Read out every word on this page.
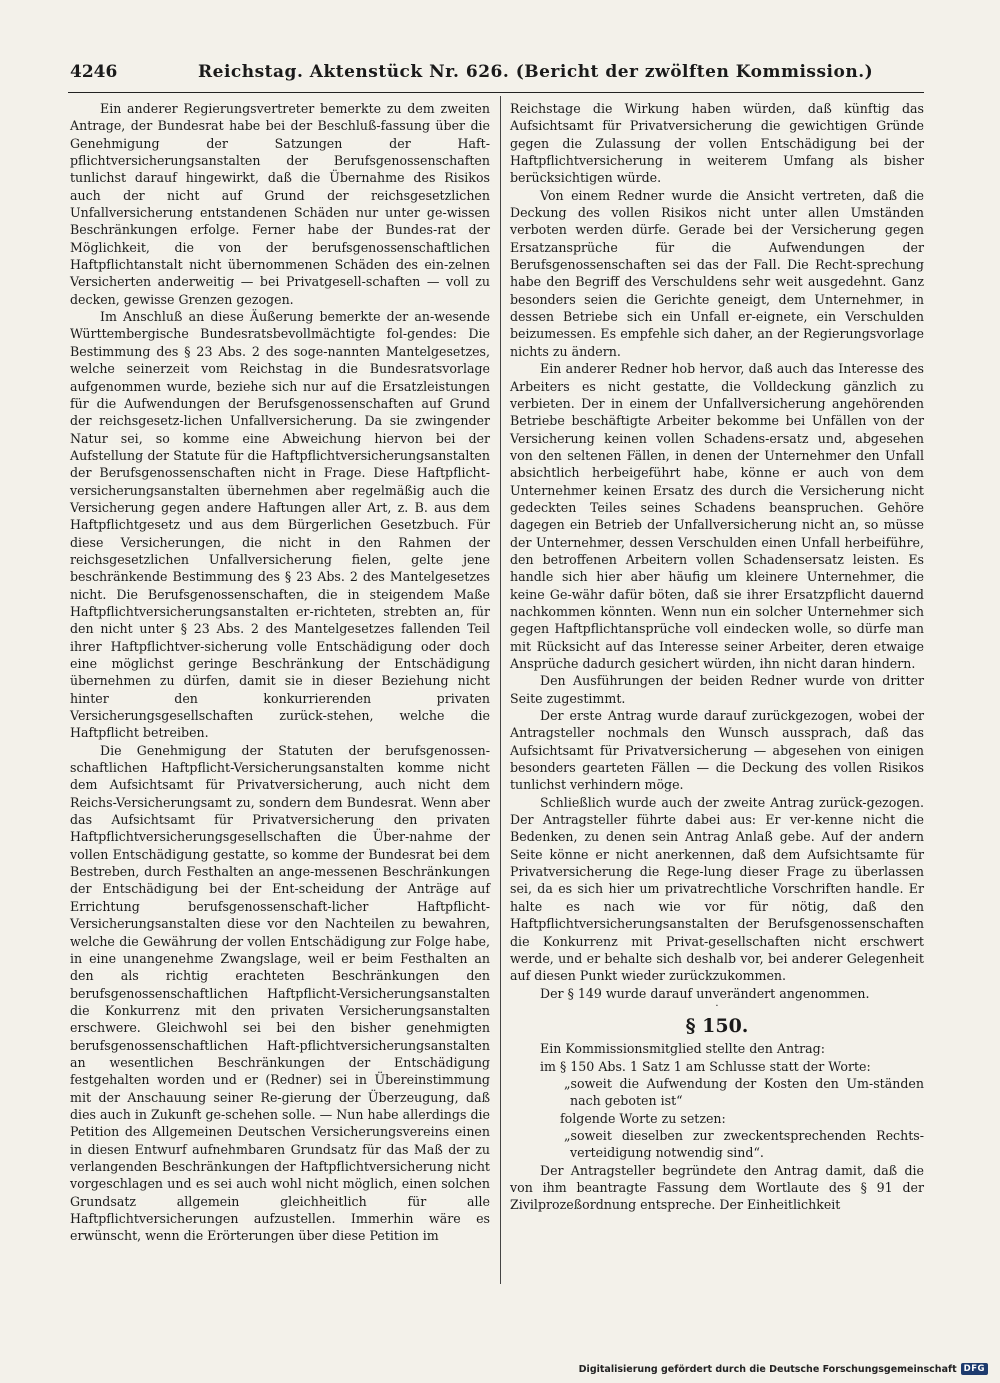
4246	Reichstag. Aktenstück Nr. 626. (Bericht der zwölften Kommission.)

Ein anderer Regierungsvertreter bemerkte zu dem zweiten Antrage, der Bundesrat habe bei der Beschluß-fassung über die Genehmigung der Satzungen der Haft-pflichtversicherungsanstalten der Berufsgenossenschaften tunlichst darauf hingewirkt, daß die Übernahme des Risikos auch der nicht auf Grund der reichsgesetzlichen Unfallversicherung entstandenen Schäden nur unter ge-wissen Beschränkungen erfolge. Ferner habe der Bundes-rat der Möglichkeit, die von der berufsgenossenschaftlichen Haftpflichtanstalt nicht übernommenen Schäden des ein-zelnen Versicherten anderweitig — bei Privatgesell-schaften — voll zu decken, gewisse Grenzen gezogen.

Im Anschluß an diese Äußerung bemerkte der an-wesende Württembergische Bundesratsbevollmächtigte fol-gendes: Die Bestimmung des § 23 Abs. 2 des soge-nannten Mantelgesetzes, welche seinerzeit vom Reichstag in die Bundesratsvorlage aufgenommen wurde, beziehe sich nur auf die Ersatzleistungen für die Aufwendungen der Berufsgenossenschaften auf Grund der reichsgesetz-lichen Unfallversicherung. Da sie zwingender Natur sei, so komme eine Abweichung hiervon bei der Aufstellung der Statute für die Haftpflichtversicherungsanstalten der Berufsgenossenschaften nicht in Frage. Diese Haftpflicht-versicherungsanstalten übernehmen aber regelmäßig auch die Versicherung gegen andere Haftungen aller Art, z. B. aus dem Haftpflichtgesetz und aus dem Bürgerlichen Gesetzbuch. Für diese Versicherungen, die nicht in den Rahmen der reichsgesetzlichen Unfallversicherung fielen, gelte jene beschränkende Bestimmung des § 23 Abs. 2 des Mantelgesetzes nicht. Die Berufsgenossenschaften, die in steigendem Maße Haftpflichtversicherungsanstalten er-richteten, strebten an, für den nicht unter § 23 Abs. 2 des Mantelgesetzes fallenden Teil ihrer Haftpflichtver-sicherung volle Entschädigung oder doch eine möglichst geringe Beschränkung der Entschädigung übernehmen zu dürfen, damit sie in dieser Beziehung nicht hinter den konkurrierenden privaten Versicherungsgesellschaften zurück-stehen, welche die Haftpflicht betreiben.

Die Genehmigung der Statuten der berufsgenossen-schaftlichen Haftpflicht-Versicherungsanstalten komme nicht dem Aufsichtsamt für Privatversicherung, auch nicht dem Reichs-Versicherungsamt zu, sondern dem Bundesrat. Wenn aber das Aufsichtsamt für Privatversicherung den privaten Haftpflichtversicherungsgesellschaften die Über-nahme der vollen Entschädigung gestatte, so komme der Bundesrat bei dem Bestreben, durch Festhalten an ange-messenen Beschränkungen der Entschädigung bei der Ent-scheidung der Anträge auf Errichtung berufsgenossenschaft-licher Haftpflicht-Versicherungsanstalten diese vor den Nachteilen zu bewahren, welche die Gewährung der vollen Entschädigung zur Folge habe, in eine unangenehme Zwangslage, weil er beim Festhalten an den als richtig erachteten Beschränkungen den berufsgenossenschaftlichen Haftpflicht-Versicherungsanstalten die Konkurrenz mit den privaten Versicherungsanstalten erschwere. Gleichwohl sei bei den bisher genehmigten berufsgenossenschaftlichen Haft-pflichtversicherungsanstalten an wesentlichen Beschränkungen der Entschädigung festgehalten worden und er (Redner) sei in Übereinstimmung mit der Anschauung seiner Re-gierung der Überzeugung, daß dies auch in Zukunft ge-schehen solle. — Nun habe allerdings die Petition des Allgemeinen Deutschen Versicherungsvereins einen in diesen Entwurf aufnehmbaren Grundsatz für das Maß der zu verlangenden Beschränkungen der Haftpflichtversicherung nicht vorgeschlagen und es sei auch wohl nicht möglich, einen solchen Grundsatz allgemein gleichheitlich für alle Haftpflichtversicherungen aufzustellen. Immerhin wäre es erwünscht, wenn die Erörterungen über diese Petition im

Reichstage die Wirkung haben würden, daß künftig das Aufsichtsamt für Privatversicherung die gewichtigen Gründe gegen die Zulassung der vollen Entschädigung bei der Haftpflichtversicherung in weiterem Umfang als bisher berücksichtigen würde.

Von einem Redner wurde die Ansicht vertreten, daß die Deckung des vollen Risikos nicht unter allen Umständen verboten werden dürfe. Gerade bei der Versicherung gegen Ersatzansprüche für die Aufwendungen der Berufsgenossenschaften sei das der Fall. Die Recht-sprechung habe den Begriff des Verschuldens sehr weit ausgedehnt. Ganz besonders seien die Gerichte geneigt, dem Unternehmer, in dessen Betriebe sich ein Unfall er-eignete, ein Verschulden beizumessen. Es empfehle sich daher, an der Regierungsvorlage nichts zu ändern.

Ein anderer Redner hob hervor, daß auch das Interesse des Arbeiters es nicht gestatte, die Volldeckung gänzlich zu verbieten. Der in einem der Unfallversicherung angehörenden Betriebe beschäftigte Arbeiter bekomme bei Unfällen von der Versicherung keinen vollen Schadens-ersatz und, abgesehen von den seltenen Fällen, in denen der Unternehmer den Unfall absichtlich herbeigeführt habe, könne er auch von dem Unternehmer keinen Ersatz des durch die Versicherung nicht gedeckten Teiles seines Schadens beanspruchen. Gehöre dagegen ein Betrieb der Unfallversicherung nicht an, so müsse der Unternehmer, dessen Verschulden einen Unfall herbeiführe, den betroffenen Arbeitern vollen Schadensersatz leisten. Es handle sich hier aber häufig um kleinere Unternehmer, die keine Ge-währ dafür böten, daß sie ihrer Ersatzpflicht dauernd nachkommen könnten. Wenn nun ein solcher Unternehmer sich gegen Haftpflichtansprüche voll eindecken wolle, so dürfe man mit Rücksicht auf das Interesse seiner Arbeiter, deren etwaige Ansprüche dadurch gesichert würden, ihn nicht daran hindern.

Den Ausführungen der beiden Redner wurde von dritter Seite zugestimmt.

Der erste Antrag wurde darauf zurückgezogen, wobei der Antragsteller nochmals den Wunsch aussprach, daß das Aufsichtsamt für Privatversicherung — abgesehen von einigen besonders gearteten Fällen — die Deckung des vollen Risikos tunlichst verhindern möge.

Schließlich wurde auch der zweite Antrag zurück-gezogen. Der Antragsteller führte dabei aus: Er ver-kenne nicht die Bedenken, zu denen sein Antrag Anlaß gebe. Auf der andern Seite könne er nicht anerkennen, daß dem Aufsichtsamte für Privatversicherung die Rege-lung dieser Frage zu überlassen sei, da es sich hier um privatrechtliche Vorschriften handle. Er halte es nach wie vor für nötig, daß den Haftpflichtversicherungsanstalten der Berufsgenossenschaften die Konkurrenz mit Privat-gesellschaften nicht erschwert werde, und er behalte sich deshalb vor, bei anderer Gelegenheit auf diesen Punkt wieder zurückzukommen.

Der § 149 wurde darauf unverändert angenommen.

·
§ 150.

Ein Kommissionsmitglied stellte den Antrag:

im § 150 Abs. 1 Satz 1 am Schlusse statt der Worte:

„soweit die Aufwendung der Kosten den Um-ständen nach geboten ist“

folgende Worte zu setzen:

„soweit dieselben zur zweckentsprechenden Rechts-verteidigung notwendig sind“.

Der Antragsteller begründete den Antrag damit, daß die von ihm beantragte Fassung dem Wortlaute des § 91 der Zivilprozeßordnung entspreche. Der Einheitlichkeit

Digitalisierung gefördert durch die Deutsche Forschungsgemeinschaft DFG
